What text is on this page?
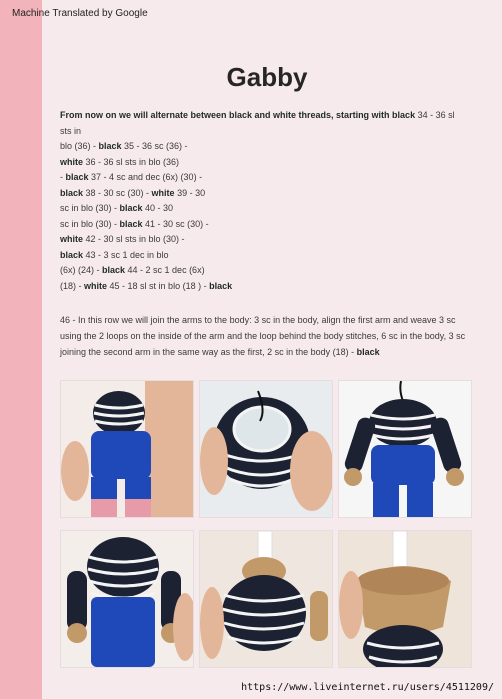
Machine Translated by Google
Gabby
From now on we will alternate between black and white threads, starting with black 34 - 36 sl
sts in
blo (36) - black 35 - 36 sc (36) -
white 36 - 36 sl sts in blo (36)
- black 37 - 4 sc and dec (6x) (30) -
black 38 - 30 sc (30) - white 39 - 30
sc in blo (30) - black 40 - 30
sc in blo (30) - black 41 - 30 sc (30) -
white 42 - 30 sl sts in blo (30) -
black 43 - 3 sc 1 dec in blo
(6x) (24) - black 44 - 2 sc 1 dec (6x)
(18) - white 45 - 18 sl st in blo (18 ) - black
46 - In this row we will join the arms to the body: 3 sc in the body, align the first arm and weave 3 sc using the 2 loops on the inside of the arm and the loop behind the body stitches, 6 sc in the body, 3 sc joining the second arm in the same way as the first, 2 sc in the body (18) - black
https://www.liveinternet.ru/users/4511209/
